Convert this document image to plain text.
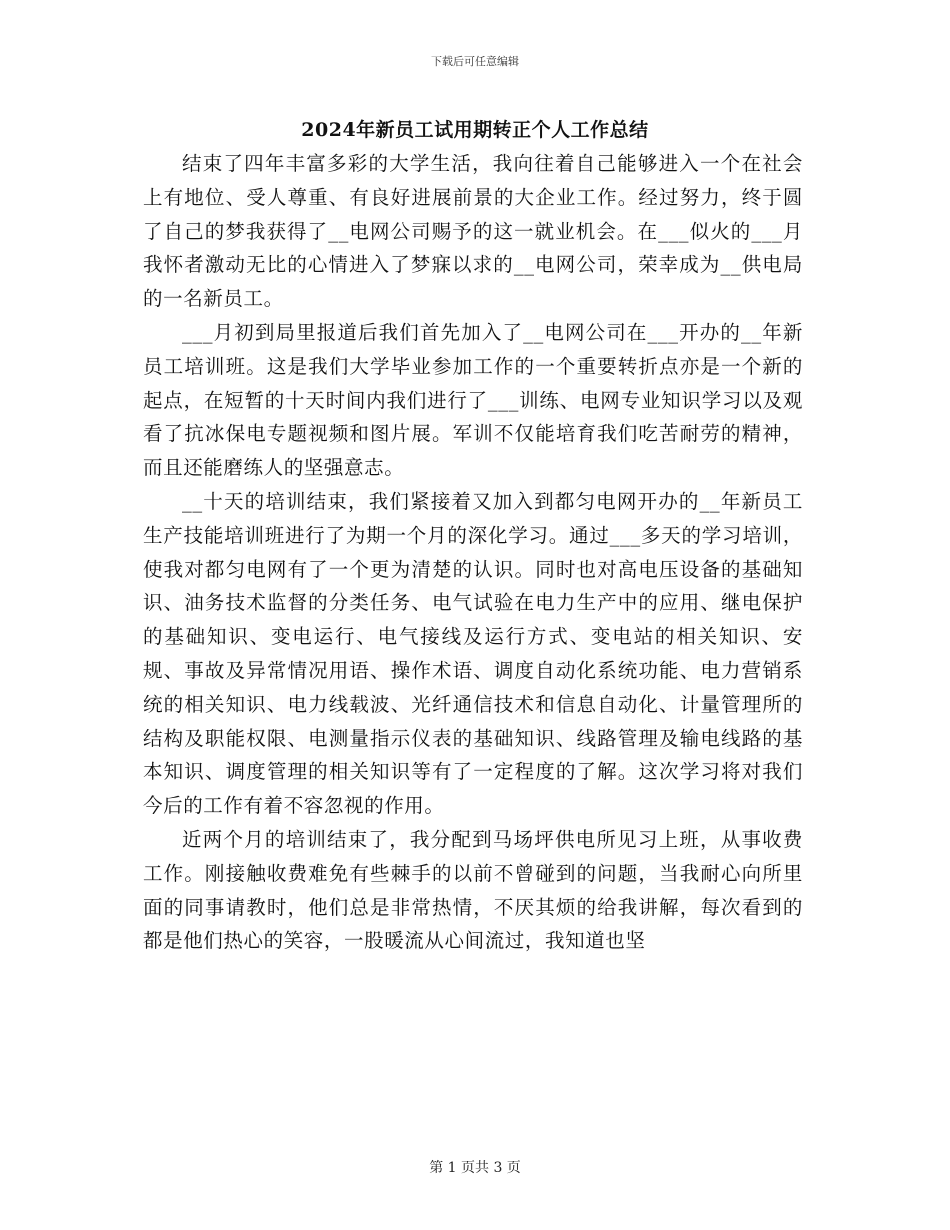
下载后可任意编辑
2024年新员工试用期转正个人工作总结

结束了四年丰富多彩的大学生活，我向往着自己能够进入一个在社会上有地位、受人尊重、有良好进展前景的大企业工作。经过努力，终于圆了自己的梦我获得了__电网公司赐予的这一就业机会。在___似火的___月我怀者激动无比的心情进入了梦寐以求的__电网公司，荣幸成为__供电局的一名新员工。

___月初到局里报道后我们首先加入了__电网公司在___开办的__年新员工培训班。这是我们大学毕业参加工作的一个重要转折点亦是一个新的起点，在短暂的十天时间内我们进行了___训练、电网专业知识学习以及观看了抗冰保电专题视频和图片展。军训不仅能培育我们吃苦耐劳的精神，而且还能磨练人的坚强意志。

__十天的培训结束，我们紧接着又加入到都匀电网开办的__年新员工生产技能培训班进行了为期一个月的深化学习。通过___多天的学习培训，使我对都匀电网有了一个更为清楚的认识。同时也对高电压设备的基础知识、油务技术监督的分类任务、电气试验在电力生产中的应用、继电保护的基础知识、变电运行、电气接线及运行方式、变电站的相关知识、安规、事故及异常情况用语、操作术语、调度自动化系统功能、电力营销系统的相关知识、电力线载波、光纤通信技术和信息自动化、计量管理所的结构及职能权限、电测量指示仪表的基础知识、线路管理及输电线路的基本知识、调度管理的相关知识等有了一定程度的了解。这次学习将对我们今后的工作有着不容忽视的作用。

近两个月的培训结束了，我分配到马场坪供电所见习上班，从事收费工作。刚接触收费难免有些棘手的以前不曾碰到的问题，当我耐心向所里面的同事请教时，他们总是非常热情，不厌其烦的给我讲解，每次看到的都是他们热心的笑容，一股暖流从心间流过，我知道也坚

第 1 页共 3 页
